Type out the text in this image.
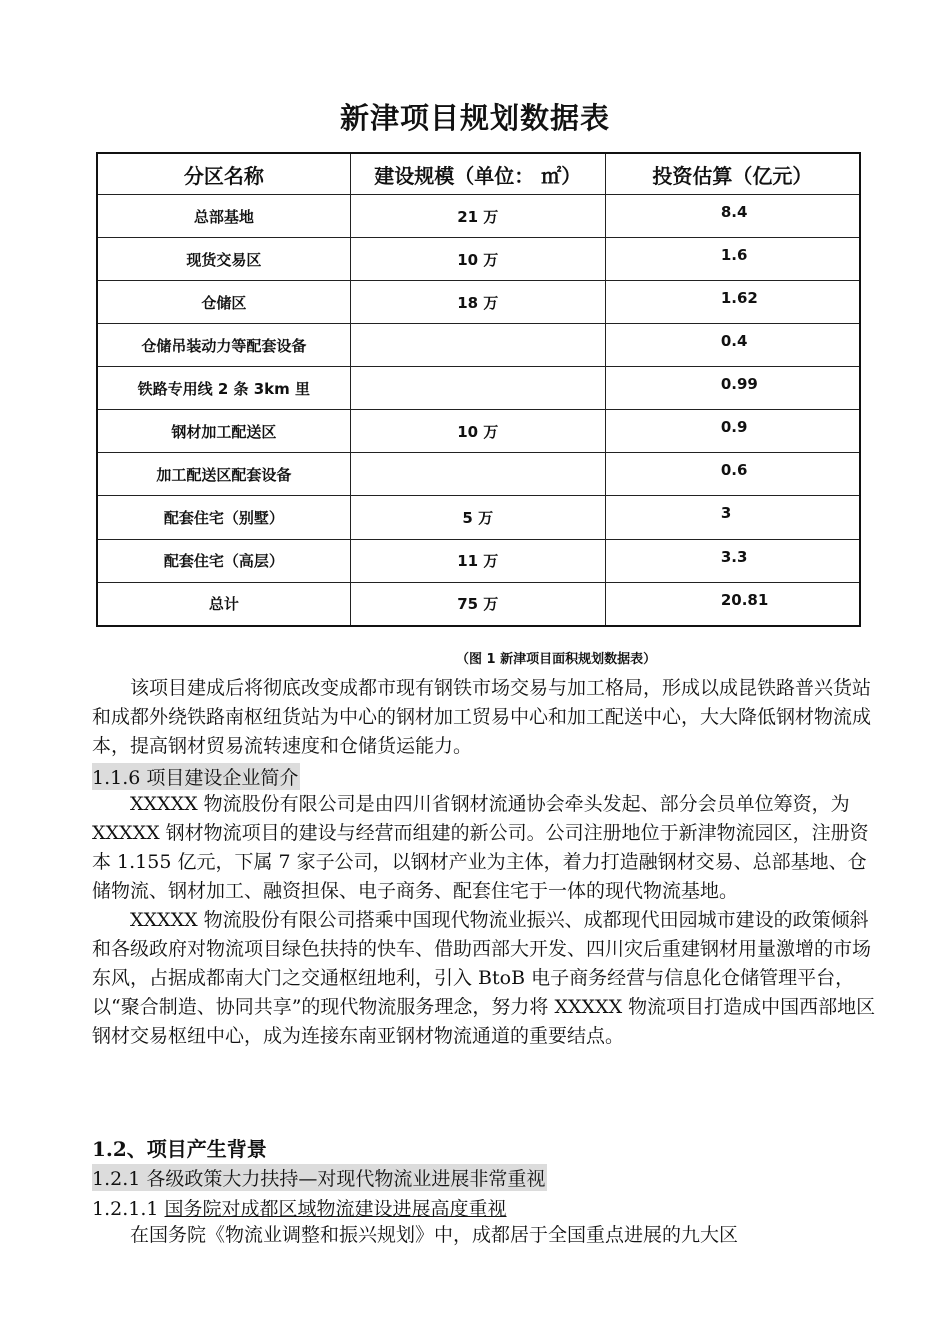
新津项目规划数据表
分区名称	建设规模（单位： ㎡）	投资估算（亿元）
总部基地	21 万	8.4
现货交易区	10 万	1.6
仓储区	18 万	1.62
仓储吊装动力等配套设备		0.4
铁路专用线 2 条 3km 里		0.99
钢材加工配送区	10 万	0.9
加工配送区配套设备		0.6
配套住宅（别墅）	5 万	3
配套住宅（高层）	11 万	3.3
总计	75 万	20.81
（图 1 新津项目面积规划数据表）

该项目建成后将彻底改变成都市现有钢铁市场交易与加工格局，形成以成昆铁路普兴货站和成都外绕铁路南枢纽货站为中心的钢材加工贸易中心和加工配送中心，大大降低钢材物流成本，提高钢材贸易流转速度和仓储货运能力。

1.1.6 项目建设企业简介

XXXXX 物流股份有限公司是由四川省钢材流通协会牵头发起、部分会员单位筹资，为 XXXXX 钢材物流项目的建设与经营而组建的新公司。公司注册地位于新津物流园区，注册资本 1.155 亿元，下属 7 家子公司，以钢材产业为主体，着力打造融钢材交易、总部基地、仓储物流、钢材加工、融资担保、电子商务、配套住宅于一体的现代物流基地。

XXXXX 物流股份有限公司搭乘中国现代物流业振兴、成都现代田园城市建设的政策倾斜和各级政府对物流项目绿色扶持的快车、借助西部大开发、四川灾后重建钢材用量激增的市场东风，占据成都南大门之交通枢纽地利，引入 BtoB 电子商务经营与信息化仓储管理平台，以“聚合制造、协同共享”的现代物流服务理念，努力将 XXXXX 物流项目打造成中国西部地区钢材交易枢纽中心，成为连接东南亚钢材物流通道的重要结点。

1.2、项目产生背景
1.2.1 各级政策大力扶持—对现代物流业进展非常重视
1.2.1.1 国务院对成都区域物流建设进展高度重视

在国务院《物流业调整和振兴规划》中，成都居于全国重点进展的九大区
